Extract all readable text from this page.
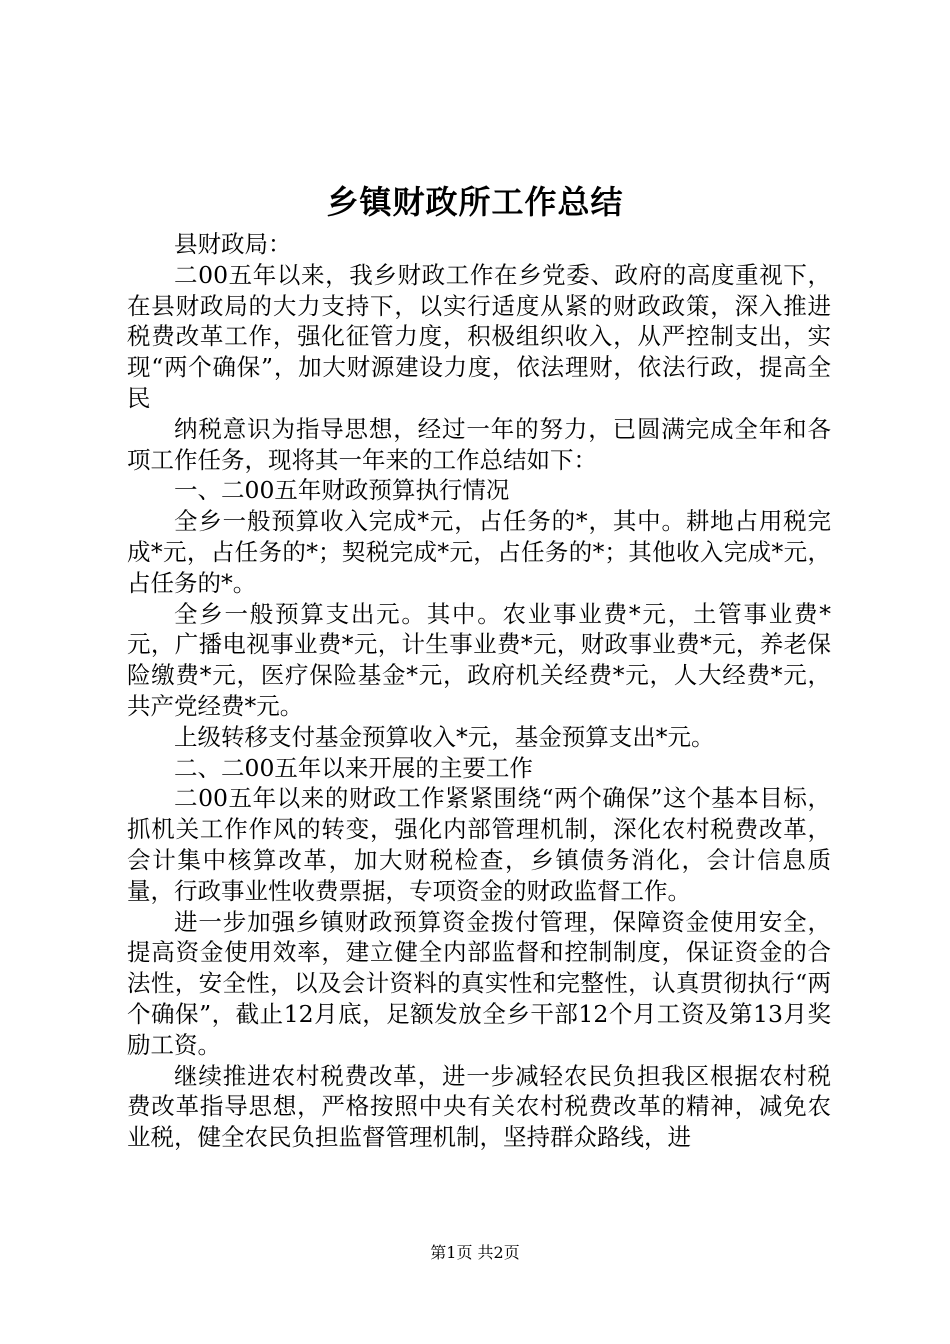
乡镇财政所工作总结

县财政局：

二00五年以来，我乡财政工作在乡党委、政府的高度重视下，在县财政局的大力支持下，以实行适度从紧的财政政策，深入推进税费改革工作，强化征管力度，积极组织收入，从严控制支出，实现“两个确保”，加大财源建设力度，依法理财，依法行政，提高全民

纳税意识为指导思想，经过一年的努力，已圆满完成全年和各项工作任务，现将其一年来的工作总结如下：

一、二00五年财政预算执行情况

全乡一般预算收入完成*元，占任务的*，其中。耕地占用税完成*元，占任务的*；契税完成*元，占任务的*；其他收入完成*元，占任务的*。

全乡一般预算支出元。其中。农业事业费*元，土管事业费*元，广播电视事业费*元，计生事业费*元，财政事业费*元，养老保险缴费*元，医疗保险基金*元，政府机关经费*元，人大经费*元，共产党经费*元。

上级转移支付基金预算收入*元，基金预算支出*元。

二、二00五年以来开展的主要工作

二00五年以来的财政工作紧紧围绕“两个确保”这个基本目标，抓机关工作作风的转变，强化内部管理机制，深化农村税费改革，会计集中核算改革，加大财税检查，乡镇债务消化，会计信息质量，行政事业性收费票据，专项资金的财政监督工作。

进一步加强乡镇财政预算资金拨付管理，保障资金使用安全，提高资金使用效率，建立健全内部监督和控制制度，保证资金的合法性，安全性，以及会计资料的真实性和完整性，认真贯彻执行“两个确保”，截止12月底，足额发放全乡干部12个月工资及第13月奖励工资。

继续推进农村税费改革，进一步减轻农民负担我区根据农村税费改革指导思想，严格按照中央有关农村税费改革的精神，减免农业税，健全农民负担监督管理机制，坚持群众路线，进

第1页 共2页
